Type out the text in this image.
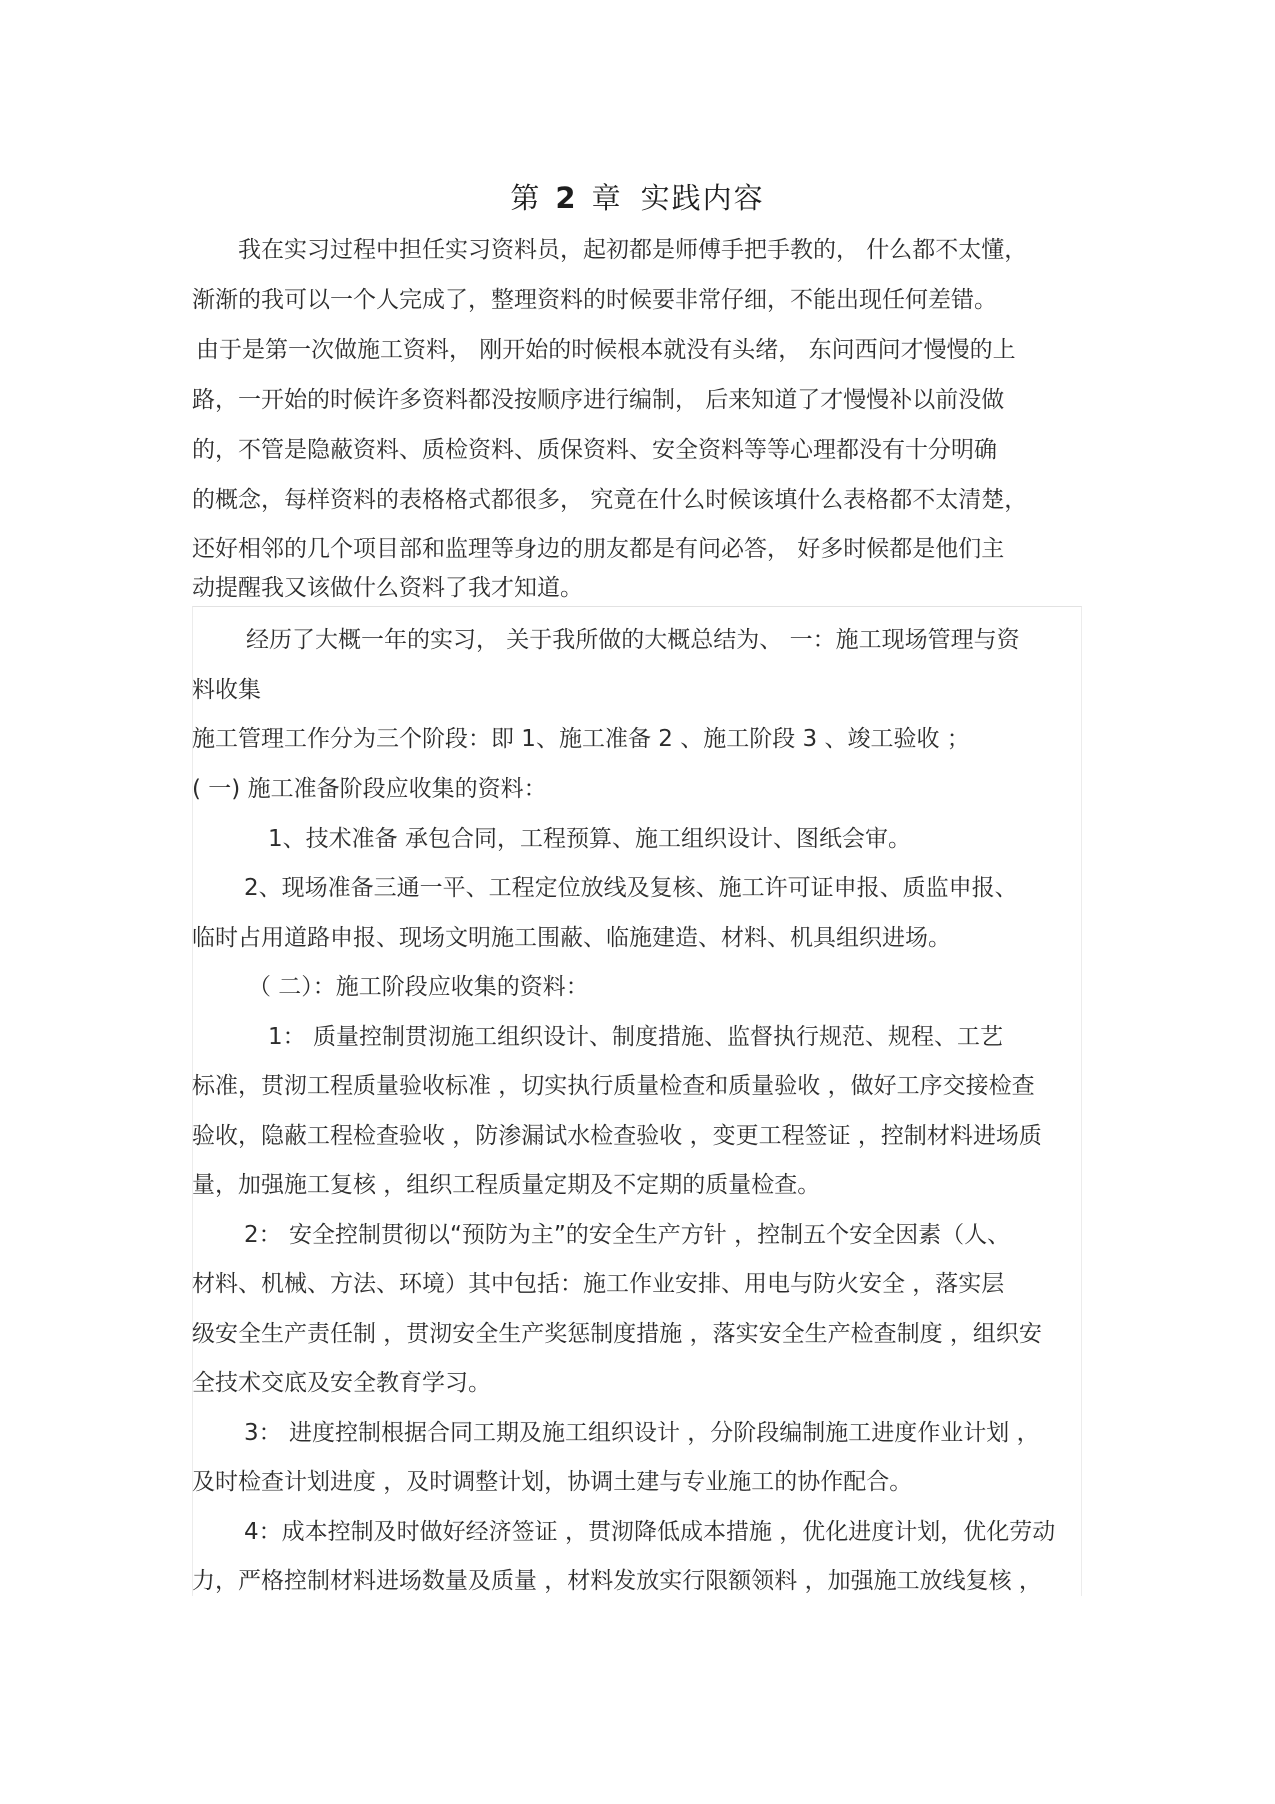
第 2 章 实践内容
我在实习过程中担任实习资料员，起初都是师傅手把手教的， 什么都不太懂，
渐渐的我可以一个人完成了，整理资料的时候要非常仔细，不能出现任何差错。
由于是第一次做施工资料， 刚开始的时候根本就没有头绪， 东问西问才慢慢的上
路，一开始的时候许多资料都没按顺序进行编制， 后来知道了才慢慢补以前没做
的，不管是隐蔽资料、质检资料、质保资料、安全资料等等心理都没有十分明确
的概念，每样资料的表格格式都很多， 究竟在什么时候该填什么表格都不太清楚，
还好相邻的几个项目部和监理等身边的朋友都是有问必答， 好多时候都是他们主
动提醒我又该做什么资料了我才知道。
经历了大概一年的实习， 关于我所做的大概总结为、 一：施工现场管理与资
料收集
施工管理工作分为三个阶段：即 1、施工准备 2 、施工阶段 3 、竣工验收 ；
( 一) 施工准备阶段应收集的资料：
1、技术准备 承包合同，工程预算、施工组织设计、图纸会审。
2、现场准备三通一平、工程定位放线及复核、施工许可证申报、质监申报、
临时占用道路申报、现场文明施工围蔽、临施建造、材料、机具组织进场。
（ 二）：施工阶段应收集的资料：
1： 质量控制贯沏施工组织设计、制度措施、监督执行规范、规程、工艺
标准，贯沏工程质量验收标准 ，切实执行质量检查和质量验收 ，做好工序交接检查
验收，隐蔽工程检查验收 ，防渗漏试水检查验收 ，变更工程签证 ，控制材料进场质
量，加强施工复核 ，组织工程质量定期及不定期的质量检查。
2： 安全控制贯彻以“预防为主”的安全生产方针 ，控制五个安全因素（人、
材料、机械、方法、环境）其中包括：施工作业安排、用电与防火安全 ，落实层
级安全生产责任制 ，贯沏安全生产奖惩制度措施 ，落实安全生产检查制度 ，组织安
全技术交底及安全教育学习。
3： 进度控制根据合同工期及施工组织设计 ，分阶段编制施工进度作业计划 ，
及时检查计划进度 ，及时调整计划，协调土建与专业施工的协作配合。
4：成本控制及时做好经济签证 ，贯沏降低成本措施 ，优化进度计划，优化劳动
力，严格控制材料进场数量及质量 ，材料发放实行限额领料 ，加强施工放线复核 ，
